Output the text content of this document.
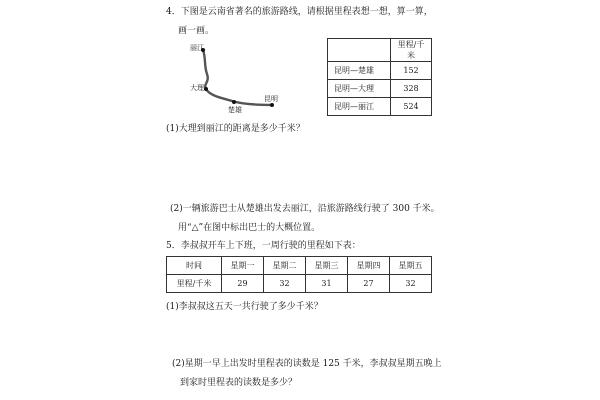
4．下图是云南省著名的旅游路线，请根据里程表想一想，算一算，
画一画。
丽江
大理
楚雄
昆明
	里程/千米
昆明—楚雄	152
昆明—大理	328
昆明—丽江	524
(1)大理到丽江的距离是多少千米？
(2)一辆旅游巴士从楚雄出发去丽江，沿旅游路线行驶了 300 千米。
用“△”在图中标出巴士的大概位置。
5．李叔叔开车上下班，一周行驶的里程如下表：
时间	星期一	星期二	星期三	星期四	星期五
里程/千米	29	32	31	27	32
(1)李叔叔这五天一共行驶了多少千米？
(2)星期一早上出发时里程表的读数是 125 千米，李叔叔星期五晚上
到家时里程表的读数是多少？
